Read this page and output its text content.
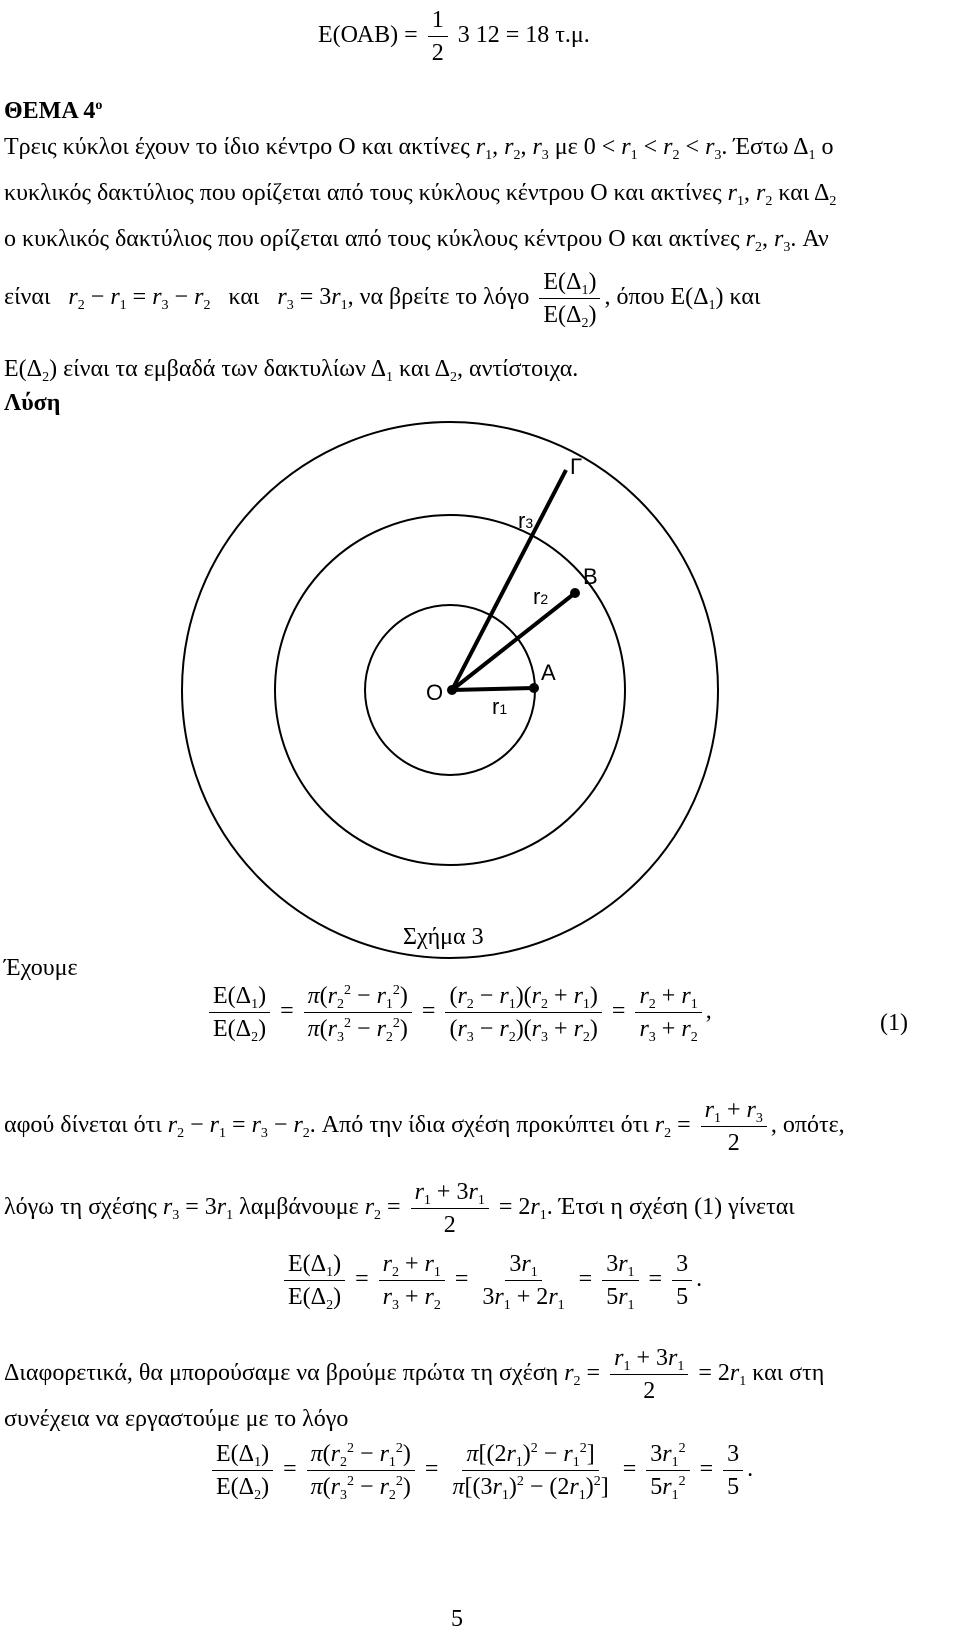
$E(OAB) = \frac{1}{2} 3$ 12 = 18 τ.μ.
ΘΕΜΑ $4^o$
Τρεις κύκλοι έχουν το ίδιο κέντρο Ο και ακτίνες $r_1$, $r_2$, $r_3$ με $0 < r_1 < r_2 < r_3$. Έστω $\Delta_1$ ο
κυκλικός δακτύλιος που ορίζεται από τους κύκλους κέντρου Ο και ακτίνες $r_1$, $r_2$ και $\Delta_2$
ο κυκλικός δακτύλιος που ορίζεται από τους κύκλους κέντρου Ο και ακτίνες $r_2$, $r_3$. Αν
είναι $r_2 - r_1 = r_3 - r_2$ και $r_3 = 3r_1$, να βρείτε το λόγο $\frac{E(\Delta_1)}{E(\Delta_2)}$ , όπου $E(\Delta_1)$ και
$E(\Delta_2)$ είναι τα εμβαδά των δακτυλίων $\Delta_1$ και $\Delta_2$, αντίστοιχα.
Λύση
Γ
r3
Β
r2
Α
Ο
r1
Σχήμα 3
Έχουμε
$\frac{E(\Delta_1)}{E(\Delta_2)} = \frac{\pi(r_2^2 - r_1^2)}{\pi(r_3^2 - r_2^2)} = \frac{(r_2 - r_1)(r_2 + r_1)}{(r_3 - r_2)(r_3 + r_2)} = \frac{r_2 + r_1}{r_3 + r_2}$ ,	(1)
αφού δίνεται ότι $r_2 - r_1 = r_3 - r_2$. Από την ίδια σχέση προκύπτει ότι $r_2 = \frac{r_1 + r_3}{2}$ , οπότε,
λόγω τη σχέσης $r_3 = 3r_1$ λαμβάνουμε $r_2 = \frac{r_1 + 3r_1}{2} = 2r_1$. Έτσι η σχέση (1) γίνεται
$\frac{E(\Delta_1)}{E(\Delta_2)} = \frac{r_2 + r_1}{r_3 + r_2} = \frac{3r_1}{3r_1 + 2r_1} = \frac{3r_1}{5r_1} = \frac{3}{5}$ .
Διαφορετικά, θα μπορούσαμε να βρούμε πρώτα τη σχέση $r_2 = \frac{r_1 + 3r_1}{2} = 2r_1$ και στη
συνέχεια να εργαστούμε με το λόγο
$\frac{E(\Delta_1)}{E(\Delta_2)} = \frac{\pi(r_2^2 - r_1^2)}{\pi(r_3^2 - r_2^2)} = \frac{\pi[(2r_1)^2 - r_1^2]}{\pi[(3r_1)^2 - (2r_1)^2]} = \frac{3r_1^2}{5r_1^2} = \frac{3}{5}$ .
5
